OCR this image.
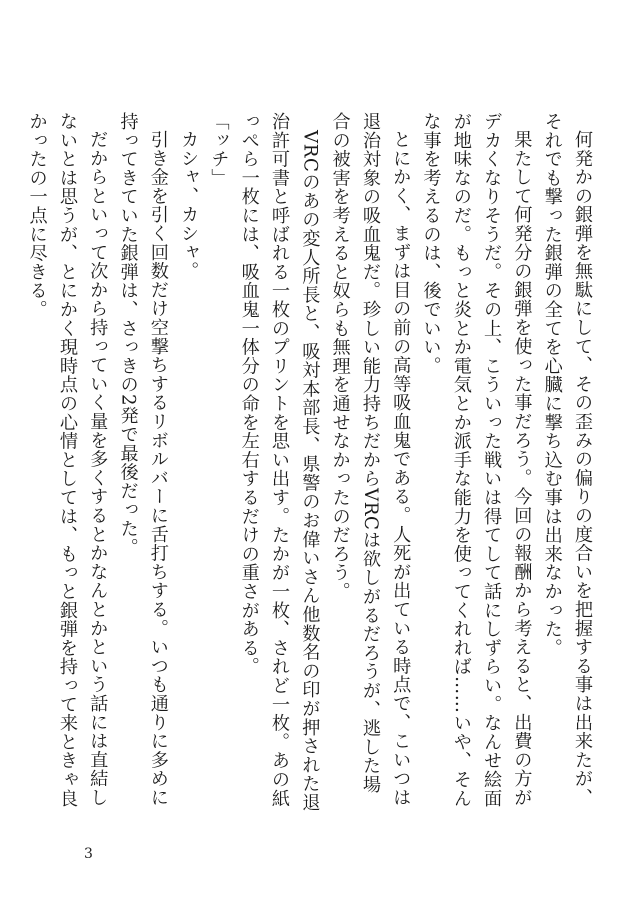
何発かの銀弾を無駄にして、その歪みの偏りの度合いを把握する事は出来たが、それでも撃った銀弾の全てを心臓に撃ち込む事は出来なかった。

果たして何発分の銀弾を使った事だろう。今回の報酬から考えると、出費の方がデカくなりそうだ。その上、こういった戦いは得てして話にしずらい。なんせ絵面が地味なのだ。もっと炎とか電気とか派手な能力を使ってくれれば……いや、そんな事を考えるのは、後でいい。

とにかく、まずは目の前の高等吸血鬼である。人死が出ている時点で、こいつは退治対象の吸血鬼だ。珍しい能力持ちだからVRCは欲しがるだろうが、逃した場合の被害を考えると奴らも無理を通せなかったのだろう。

VRCのあの変人所長と、吸対本部長、県警のお偉いさん他数名の印が押された退治許可書と呼ばれる一枚のプリントを思い出す。たかが一枚、されど一枚。あの紙っぺら一枚には、吸血鬼一体分の命を左右するだけの重さがある。

「ッチ」

カシャ、カシャ。

引き金を引く回数だけ空撃ちするリボルバーに舌打ちする。いつも通りに多めに持ってきていた銀弾は、さっきの2発で最後だった。

だからといって次から持っていく量を多くするとかなんとかという話には直結しないとは思うが、とにかく現時点の心情としては、もっと銀弾を持って来ときゃ良かったの一点に尽きる。

3
